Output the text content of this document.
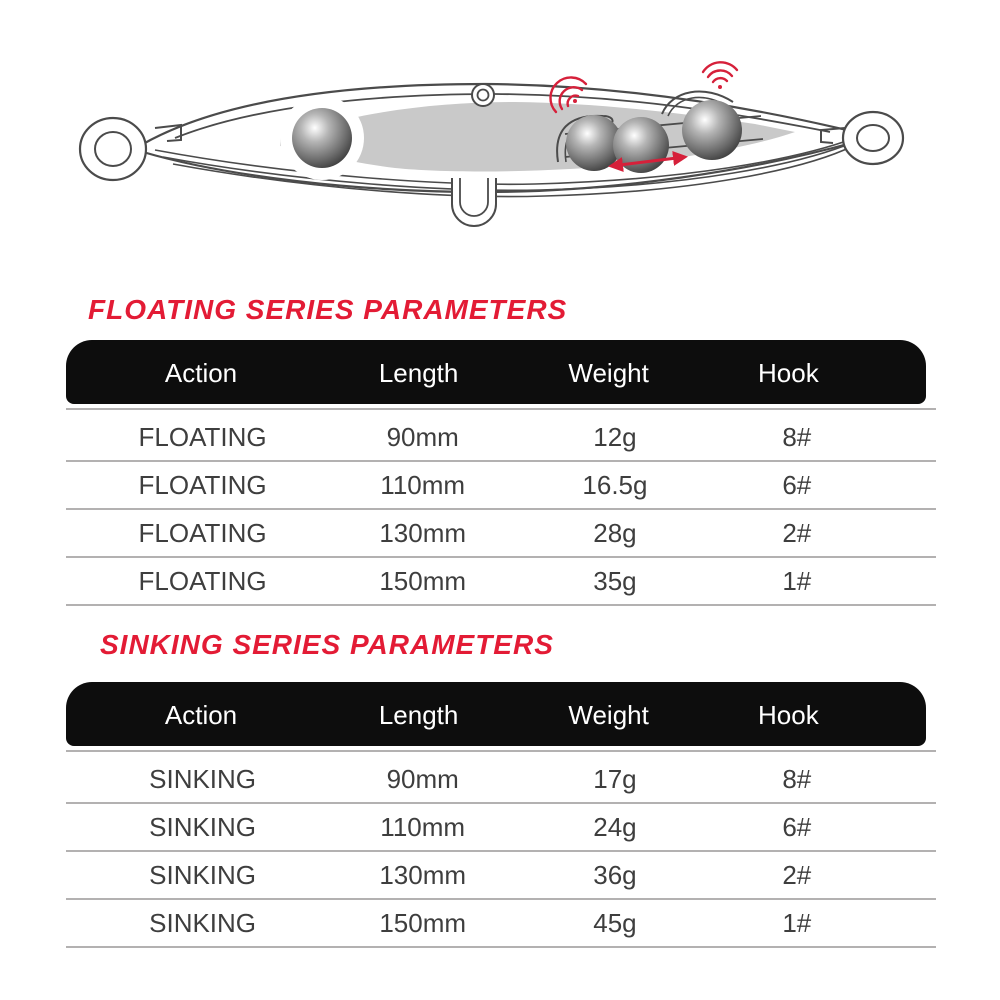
FLOATING SERIES PARAMETERS
Action	Length	Weight	Hook
FLOATING	90mm	12g	8#
FLOATING	110mm	16.5g	6#
FLOATING	130mm	28g	2#
FLOATING	150mm	35g	1#
SINKING SERIES PARAMETERS
Action	Length	Weight	Hook
SINKING	90mm	17g	8#
SINKING	110mm	24g	6#
SINKING	130mm	36g	2#
SINKING	150mm	45g	1#
